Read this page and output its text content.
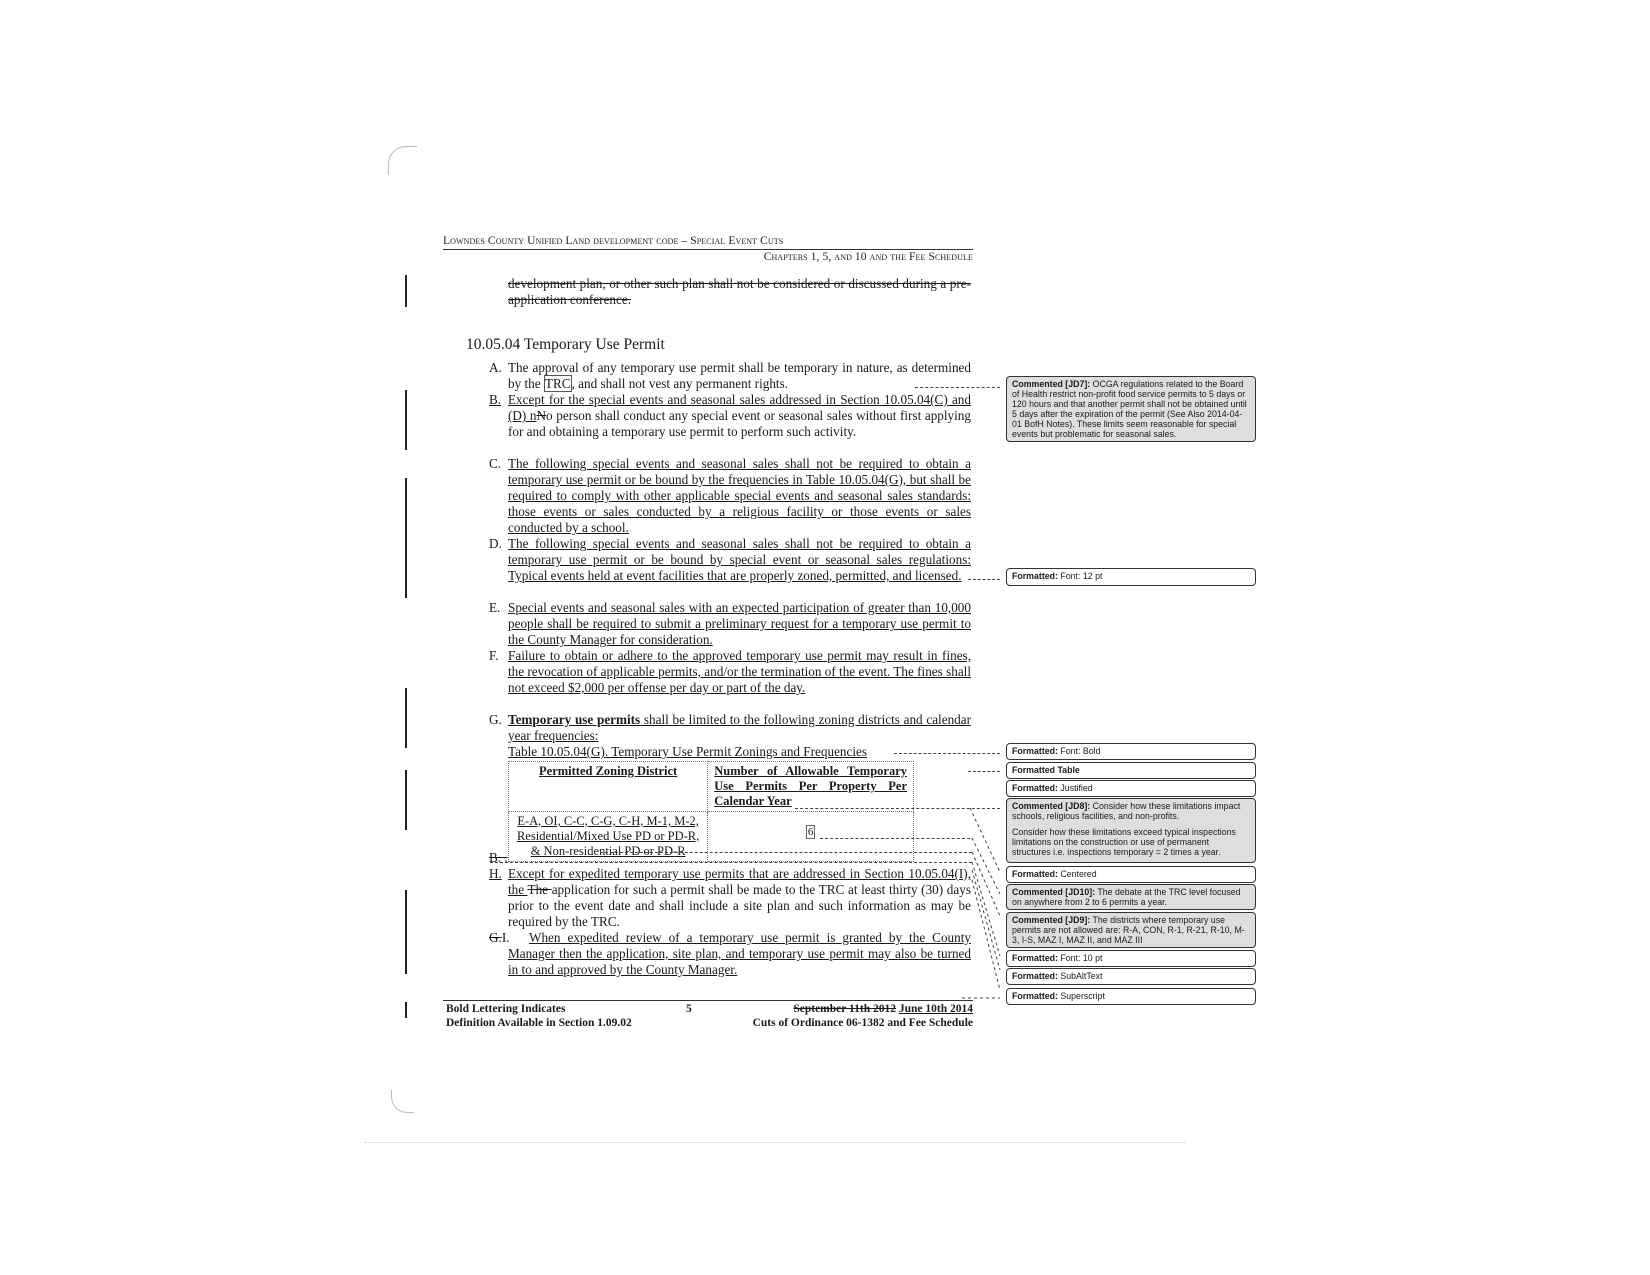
Lowndes County Unified Land development code – Special Event Cuts
Chapters 1, 5, and 10 and the Fee Schedule
development plan, or other such plan shall not be considered or discussed during a pre-application conference.
10.05.04 Temporary Use Permit
A. The approval of any temporary use permit shall be temporary in nature, as determined by the TRC, and shall not vest any permanent rights.
B. Except for the special events and seasonal sales addressed in Section 10.05.04(C) and (D) nNo person shall conduct any special event or seasonal sales without first applying for and obtaining a temporary use permit to perform such activity.
C. The following special events and seasonal sales shall not be required to obtain a temporary use permit or be bound by the frequencies in Table 10.05.04(G), but shall be required to comply with other applicable special events and seasonal sales standards: those events or sales conducted by a religious facility or those events or sales conducted by a school.
D. The following special events and seasonal sales shall not be required to obtain a temporary use permit or be bound by special event or seasonal sales regulations: Typical events held at event facilities that are properly zoned, permitted, and licensed.
E. Special events and seasonal sales with an expected participation of greater than 10,000 people shall be required to submit a preliminary request for a temporary use permit to the County Manager for consideration.
F. Failure to obtain or adhere to the approved temporary use permit may result in fines, the revocation of applicable permits, and/or the termination of the event. The fines shall not exceed $2,000 per offense per day or part of the day.
G. Temporary use permits shall be limited to the following zoning districts and calendar year frequencies:
Table 10.05.04(G). Temporary Use Permit Zonings and Frequencies
Permitted Zoning District	Number of Allowable Temporary Use Permits Per Property Per Calendar Year
E-A, OI, C-C, C-G, C-H, M-1, M-2, Residential/Mixed Use PD or PD-R, & Non-residential PD or PD-R	6
B. .
H. Except for expedited temporary use permits that are addressed in Section 10.05.04(I), the The application for such a permit shall be made to the TRC at least thirty (30) days prior to the event date and shall include a site plan and such information as may be required by the TRC.
G.I.	When expedited review of a temporary use permit is granted by the County Manager then the application, site plan, and temporary use permit may also be turned in to and approved by the County Manager.
Bold Lettering Indicates
Definition Available in Section 1.09.02
5	September 11th 2012 June 10th 2014
Cuts of Ordinance 06-1382 and Fee Schedule
Commented [JD7]: OCGA regulations related to the Board of Health restrict non-profit food service permits to 5 days or 120 hours and that another permit shall not be obtained until 5 days after the expiration of the permit (See Also 2014-04-01 BofH Notes). These limits seem reasonable for special events but problematic for seasonal sales.
Formatted: Font: 12 pt
Formatted: Font: Bold
Formatted Table
Formatted: Justified
Commented [JD8]: Consider how these limitations impact schools, religious facilities, and non-profits.
Consider how these limitations exceed typical inspections limitations on the construction or use of permanent structures i.e. inspections temporary = 2 times a year.
Formatted: Centered
Commented [JD10]: The debate at the TRC level focused on anywhere from 2 to 6 permits a year.
Commented [JD9]: The districts where temporary use permits are not allowed are: R-A, CON, R-1, R-21, R-10, M-3, I-S, MAZ I, MAZ II, and MAZ III
Formatted: Font: 10 pt
Formatted: SubAltText
Formatted: Superscript
